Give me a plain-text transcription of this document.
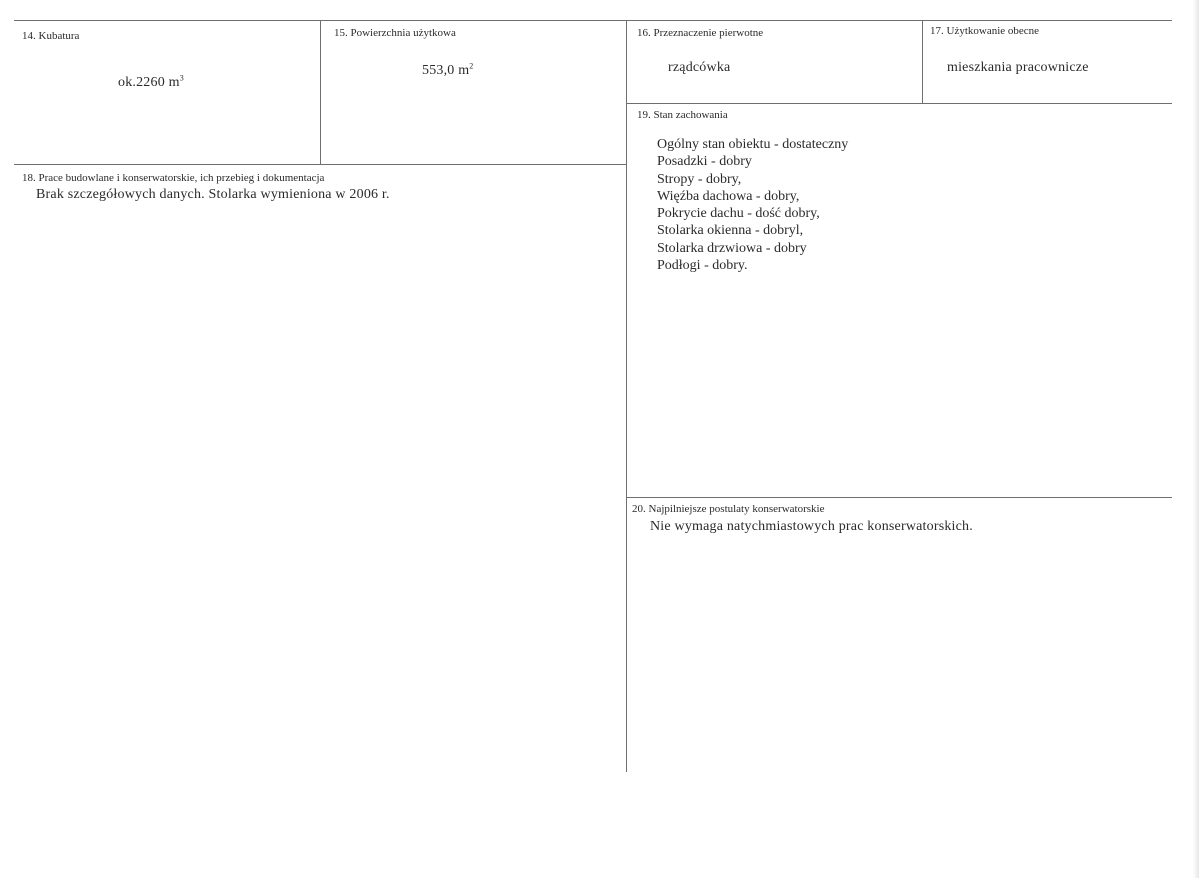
14. Kubatura
ok.2260 $m^3$
15. Powierzchnia użytkowa
553,0 $m^2$
16. Przeznaczenie pierwotne
rządcówka
17. Użytkowanie obecne
mieszkania pracownicze
18. Prace budowlane i konserwatorskie, ich przebieg i dokumentacja
Brak szczegółowych danych. Stolarka wymieniona w 2006 r.
19. Stan zachowania
Ogólny stan obiektu - dostateczny
Posadzki - dobry
Stropy - dobry,
Więźba dachowa - dobry,
Pokrycie dachu - dość dobry,
Stolarka okienna - dobryl,
Stolarka drzwiowa - dobry
Podłogi - dobry.
20. Najpilniejsze postulaty konserwatorskie
Nie wymaga natychmiastowych prac konserwatorskich.
